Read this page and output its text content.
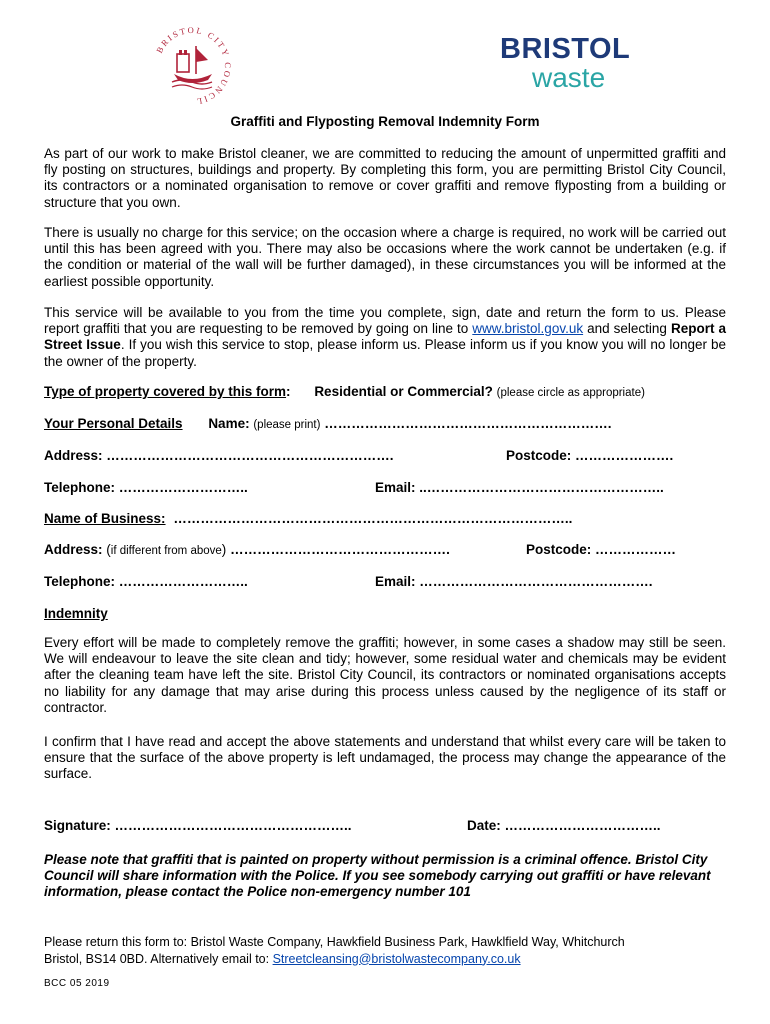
BRISTOL CITY COUNCIL
BRISTOL
waste
Graffiti and Flyposting Removal Indemnity Form
As part of our work to make Bristol cleaner, we are committed to reducing the amount of unpermitted graffiti and fly posting on structures, buildings and property. By completing this form, you are permitting Bristol City Council, its contractors or a nominated organisation to remove or cover graffiti and remove flyposting from a building or structure that you own.
There is usually no charge for this service; on the occasion where a charge is required, no work will be carried out until this has been agreed with you. There may also be occasions where the work cannot be undertaken (e.g. if the condition or material of the wall will be further damaged), in these circumstances you will be informed at the earliest possible opportunity.
This service will be available to you from the time you complete, sign, date and return the form to us. Please report graffiti that you are requesting to be removed by going on line to www.bristol.gov.uk and selecting Report a Street Issue. If you wish this service to stop, please inform us. Please inform us if you know you will no longer be the owner of the property.
Type of property covered by this form: Residential or Commercial? (please circle as appropriate)
Your Personal Details Name: (please print) ……………………………………………………….
Address: ……………………………………………………….	Postcode: ………………….
Telephone: ………………………..	Email: ..……………………………………………..
Name of Business: ……………………………………………………………………………..
Address: (if different from above) ………………………………………….	Postcode: ………………
Telephone: ………………………..	Email: …………………………………………….
Indemnity
Every effort will be made to completely remove the graffiti; however, in some cases a shadow may still be seen. We will endeavour to leave the site clean and tidy; however, some residual water and chemicals may be evident after the cleaning team have left the site. Bristol City Council, its contractors or nominated organisations accepts no liability for any damage that may arise during this process unless caused by the negligence of its staff or contractor.
I confirm that I have read and accept the above statements and understand that whilst every care will be taken to ensure that the surface of the above property is left undamaged, the process may change the appearance of the surface.
Signature: ……………………………………………..	Date: ……………………………..
Please note that graffiti that is painted on property without permission is a criminal offence. Bristol City Council will share information with the Police. If you see somebody carrying out graffiti or have relevant information, please contact the Police non-emergency number 101
Please return this form to: Bristol Waste Company, Hawkfield Business Park, Hawklfield Way, Whitchurch
Bristol, BS14 0BD. Alternatively email to: Streetcleansing@bristolwastecompany.co.uk
BCC 05 2019
